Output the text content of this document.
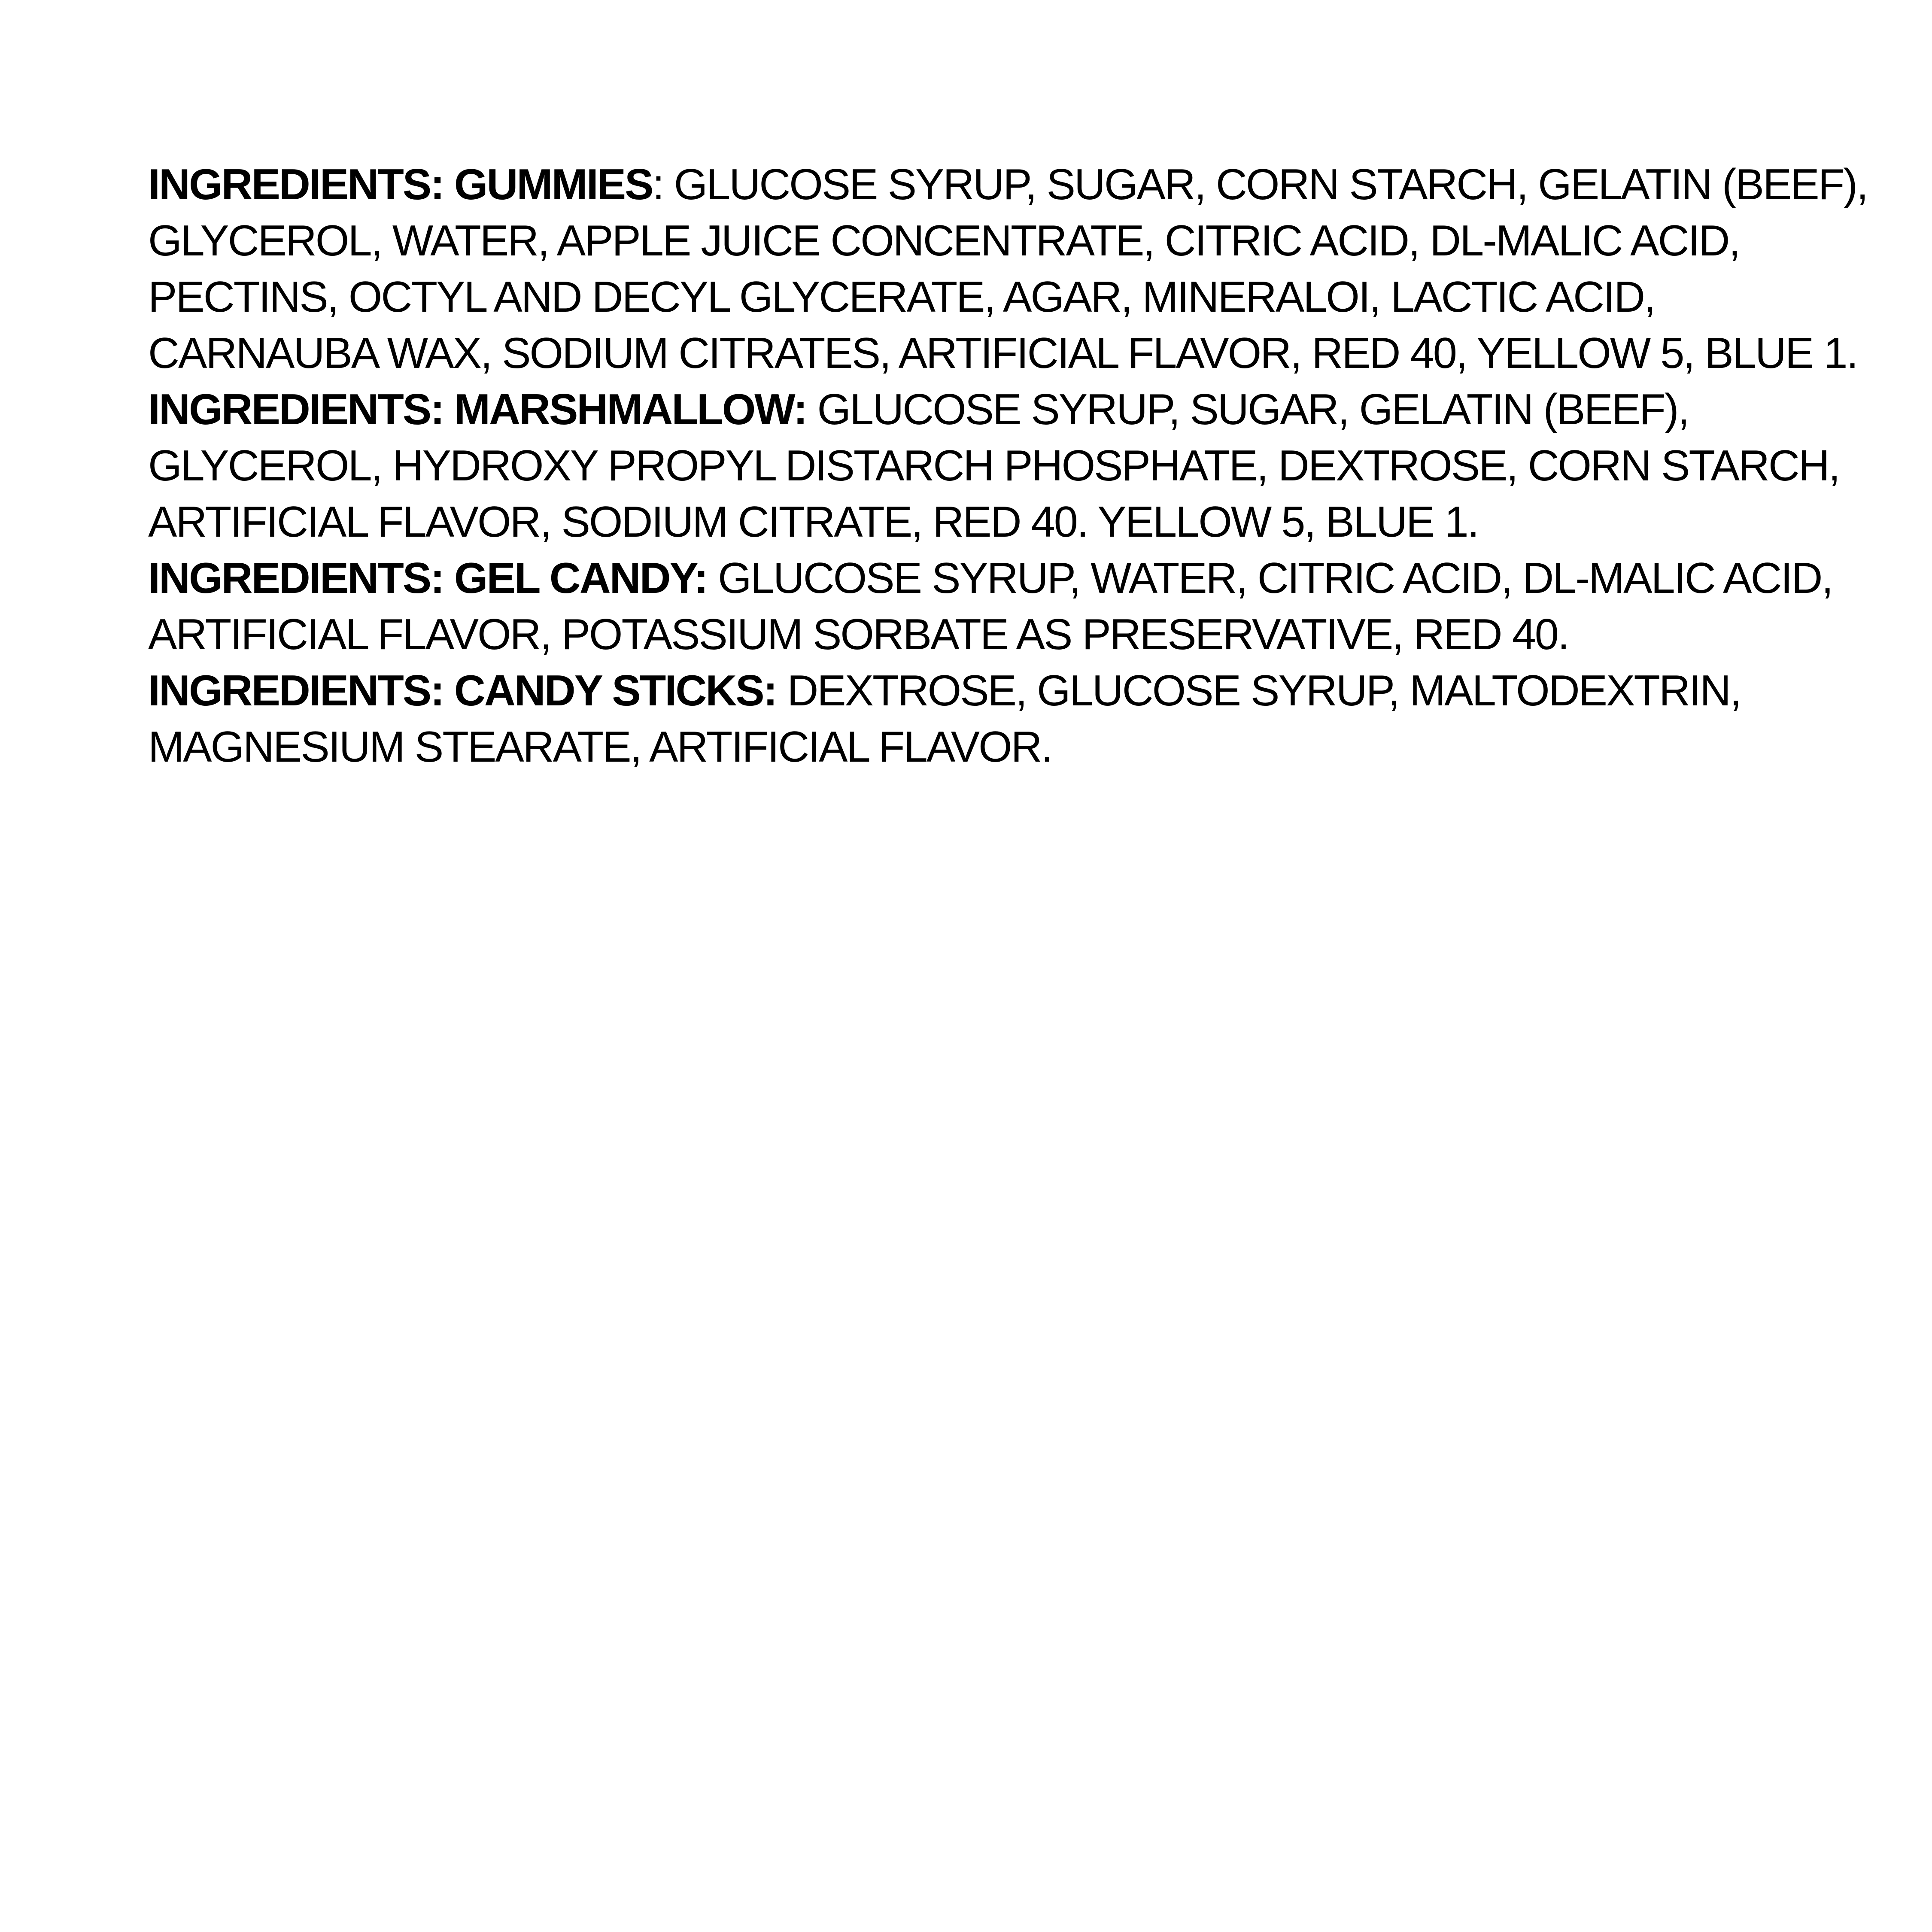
INGREDIENTS: GUMMIES: GLUCOSE SYRUP, SUGAR, CORN STARCH, GELATIN (BEEF),
GLYCEROL, WATER, APPLE JUICE CONCENTRATE, CITRIC ACID, DL-MALIC ACID,
PECTINS, OCTYL AND DECYL GLYCERATE, AGAR, MINERALOI, LACTIC ACID,
CARNAUBA WAX, SODIUM CITRATES, ARTIFICIAL FLAVOR, RED 40, YELLOW 5, BLUE 1.
INGREDIENTS: MARSHMALLOW: GLUCOSE SYRUP, SUGAR, GELATIN (BEEF),
GLYCEROL, HYDROXY PROPYL DISTARCH PHOSPHATE, DEXTROSE, CORN STARCH,
ARTIFICIAL FLAVOR, SODIUM CITRATE, RED 40. YELLOW 5, BLUE 1.
INGREDIENTS: GEL CANDY: GLUCOSE SYRUP, WATER, CITRIC ACID, DL-MALIC ACID,
ARTIFICIAL FLAVOR, POTASSIUM SORBATE AS PRESERVATIVE, RED 40.
INGREDIENTS: CANDY STICKS: DEXTROSE, GLUCOSE SYRUP, MALTODEXTRIN,
MAGNESIUM STEARATE, ARTIFICIAL FLAVOR.
